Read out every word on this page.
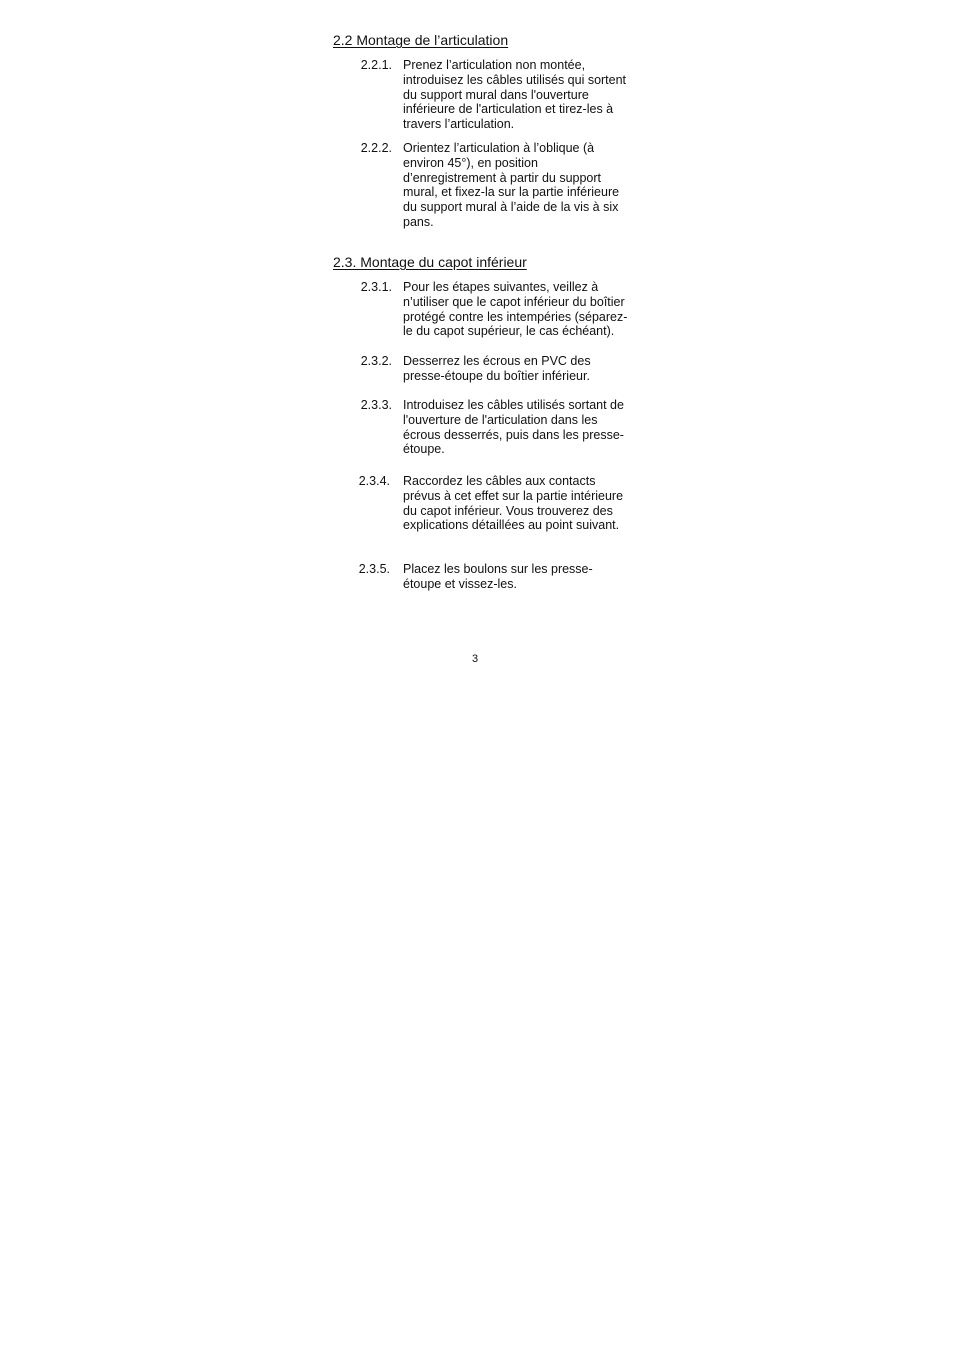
2.2 Montage de l’articulation
2.2.1. Prenez l’articulation non montée, introduisez les câbles utilisés qui sortent du support mural dans l'ouverture inférieure de l'articulation et tirez-les à travers l’articulation.
2.2.2. Orientez l’articulation à l’oblique (à environ 45°), en position d’enregistrement à partir du support mural, et fixez-la sur la partie inférieure du support mural à l’aide de la vis à six pans.
2.3. Montage du capot inférieur
2.3.1. Pour les étapes suivantes, veillez à n’utiliser que le capot inférieur du boîtier protégé contre les intempéries (séparez-le du capot supérieur, le cas échéant).
2.3.2. Desserrez les écrous en PVC des presse-étoupe du boîtier inférieur.
2.3.3. Introduisez les câbles utilisés sortant de l'ouverture de l'articulation dans les écrous desserrés, puis dans les presse-étoupe.
2.3.4. Raccordez les câbles aux contacts prévus à cet effet sur la partie intérieure du capot inférieur. Vous trouverez des explications détaillées au point suivant.
2.3.5. Placez les boulons sur les presse-étoupe et vissez-les.
3
